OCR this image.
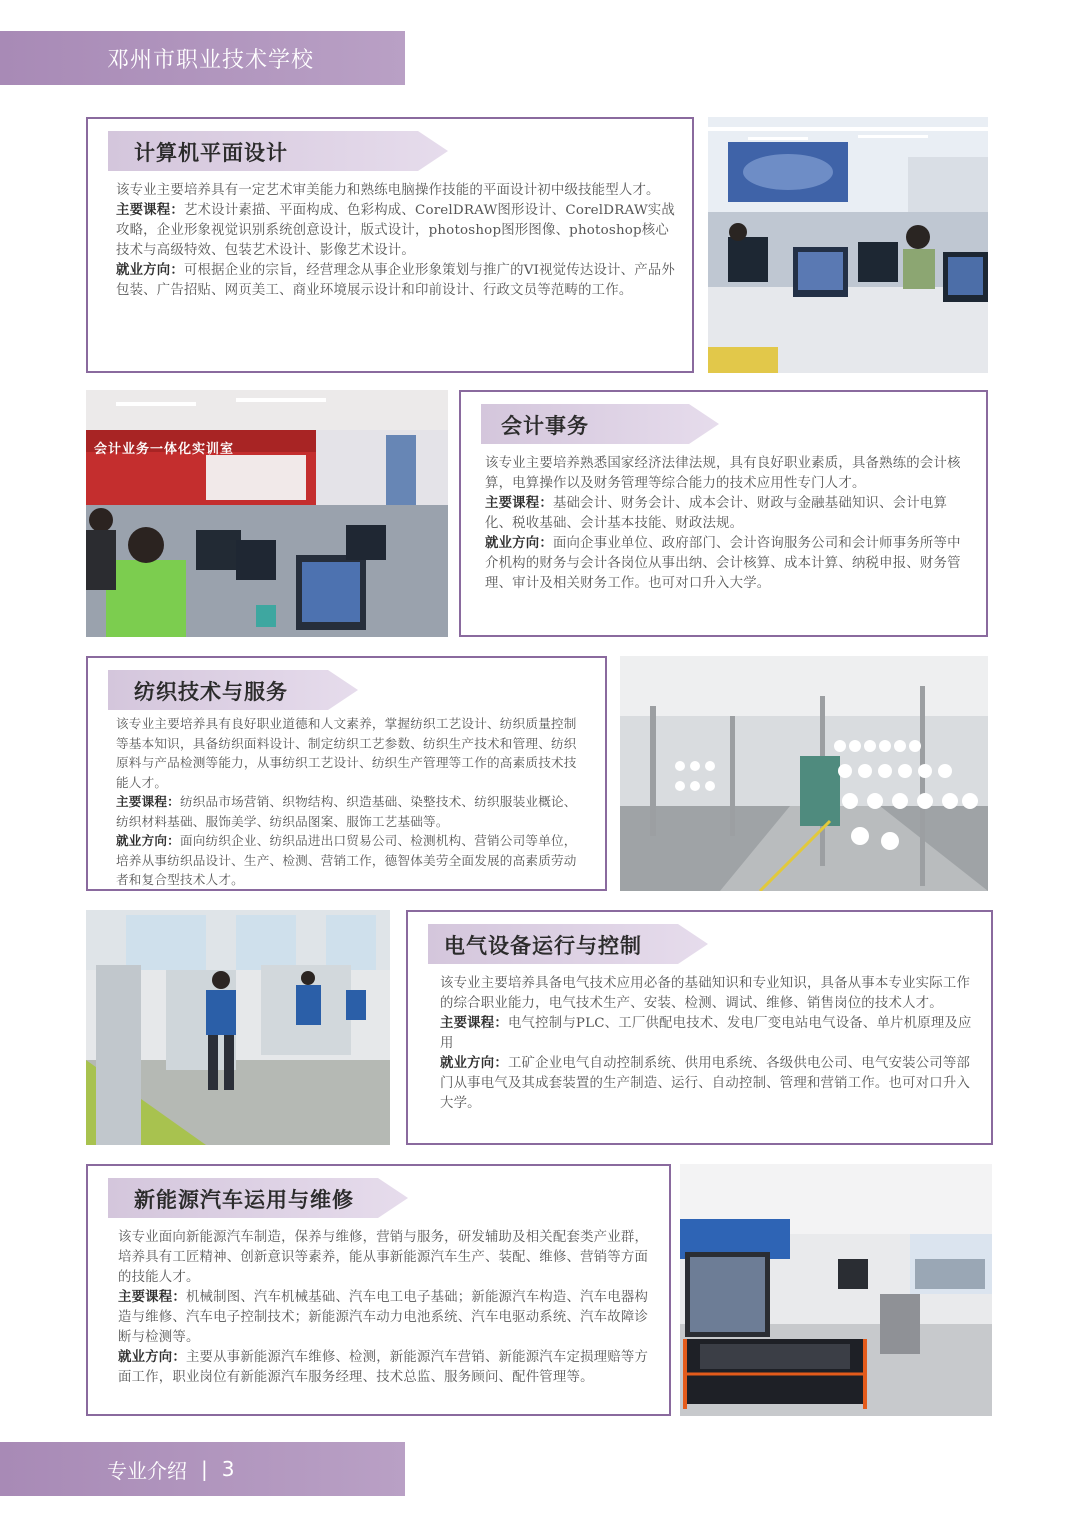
邓州市职业技术学校
计算机平面设计

该专业主要培养具有一定艺术审美能力和熟练电脑操作技能的平面设计初中级技能型人才。

主要课程：艺术设计素描、平面构成、色彩构成、CorelDRAW图形设计、CorelDRAW实战攻略，企业形象视觉识别系统创意设计，版式设计，photoshop图形图像、photoshop核心技术与高级特效、包装艺术设计、影像艺术设计。

就业方向：可根据企业的宗旨，经营理念从事企业形象策划与推广的VI视觉传达设计、产品外包装、广告招贴、网页美工、商业环境展示设计和印前设计、行政文员等范畴的工作。

会计业务一体化实训室
会计事务

该专业主要培养熟悉国家经济法律法规，具有良好职业素质，具备熟练的会计核算，电算操作以及财务管理等综合能力的技术应用性专门人才。

主要课程：基础会计、财务会计、成本会计、财政与金融基础知识、会计电算化、税收基础、会计基本技能、财政法规。

就业方向：面向企事业单位、政府部门、会计咨询服务公司和会计师事务所等中介机构的财务与会计各岗位从事出纳、会计核算、成本计算、纳税申报、财务管理、审计及相关财务工作。也可对口升入大学。

纺织技术与服务

该专业主要培养具有良好职业道德和人文素养，掌握纺织工艺设计、纺织质量控制等基本知识，具备纺织面料设计、制定纺织工艺参数、纺织生产技术和管理、纺织原料与产品检测等能力，从事纺织工艺设计、纺织生产管理等工作的高素质技术技能人才。

主要课程：纺织品市场营销、织物结构、织造基础、染整技术、纺织服装业概论、纺织材料基础、服饰美学、纺织品图案、服饰工艺基础等。

就业方向：面向纺织企业、纺织品进出口贸易公司、检测机构、营销公司等单位，培养从事纺织品设计、生产、检测、营销工作，德智体美劳全面发展的高素质劳动者和复合型技术人才。

电气设备运行与控制

该专业主要培养具备电气技术应用必备的基础知识和专业知识，具备从事本专业实际工作的综合职业能力，电气技术生产、安装、检测、调试、维修、销售岗位的技术人才。

主要课程：电气控制与PLC、工厂供配电技术、发电厂变电站电气设备、单片机原理及应用

就业方向：工矿企业电气自动控制系统、供用电系统、各级供电公司、电气安装公司等部门从事电气及其成套装置的生产制造、运行、自动控制、管理和营销工作。也可对口升入大学。

新能源汽车运用与维修

该专业面向新能源汽车制造，保养与维修，营销与服务，研发辅助及相关配套类产业群，培养具有工匠精神、创新意识等素养，能从事新能源汽车生产、装配、维修、营销等方面的技能人才。

主要课程：机械制图、汽车机械基础、汽车电工电子基础；新能源汽车构造、汽车电器构造与维修、汽车电子控制技术；新能源汽车动力电池系统、汽车电驱动系统、汽车故障诊断与检测等。

就业方向：主要从事新能源汽车维修、检测，新能源汽车营销、新能源汽车定损理赔等方面工作，职业岗位有新能源汽车服务经理、技术总监、服务顾问、配件管理等。

专业介绍 | 3
